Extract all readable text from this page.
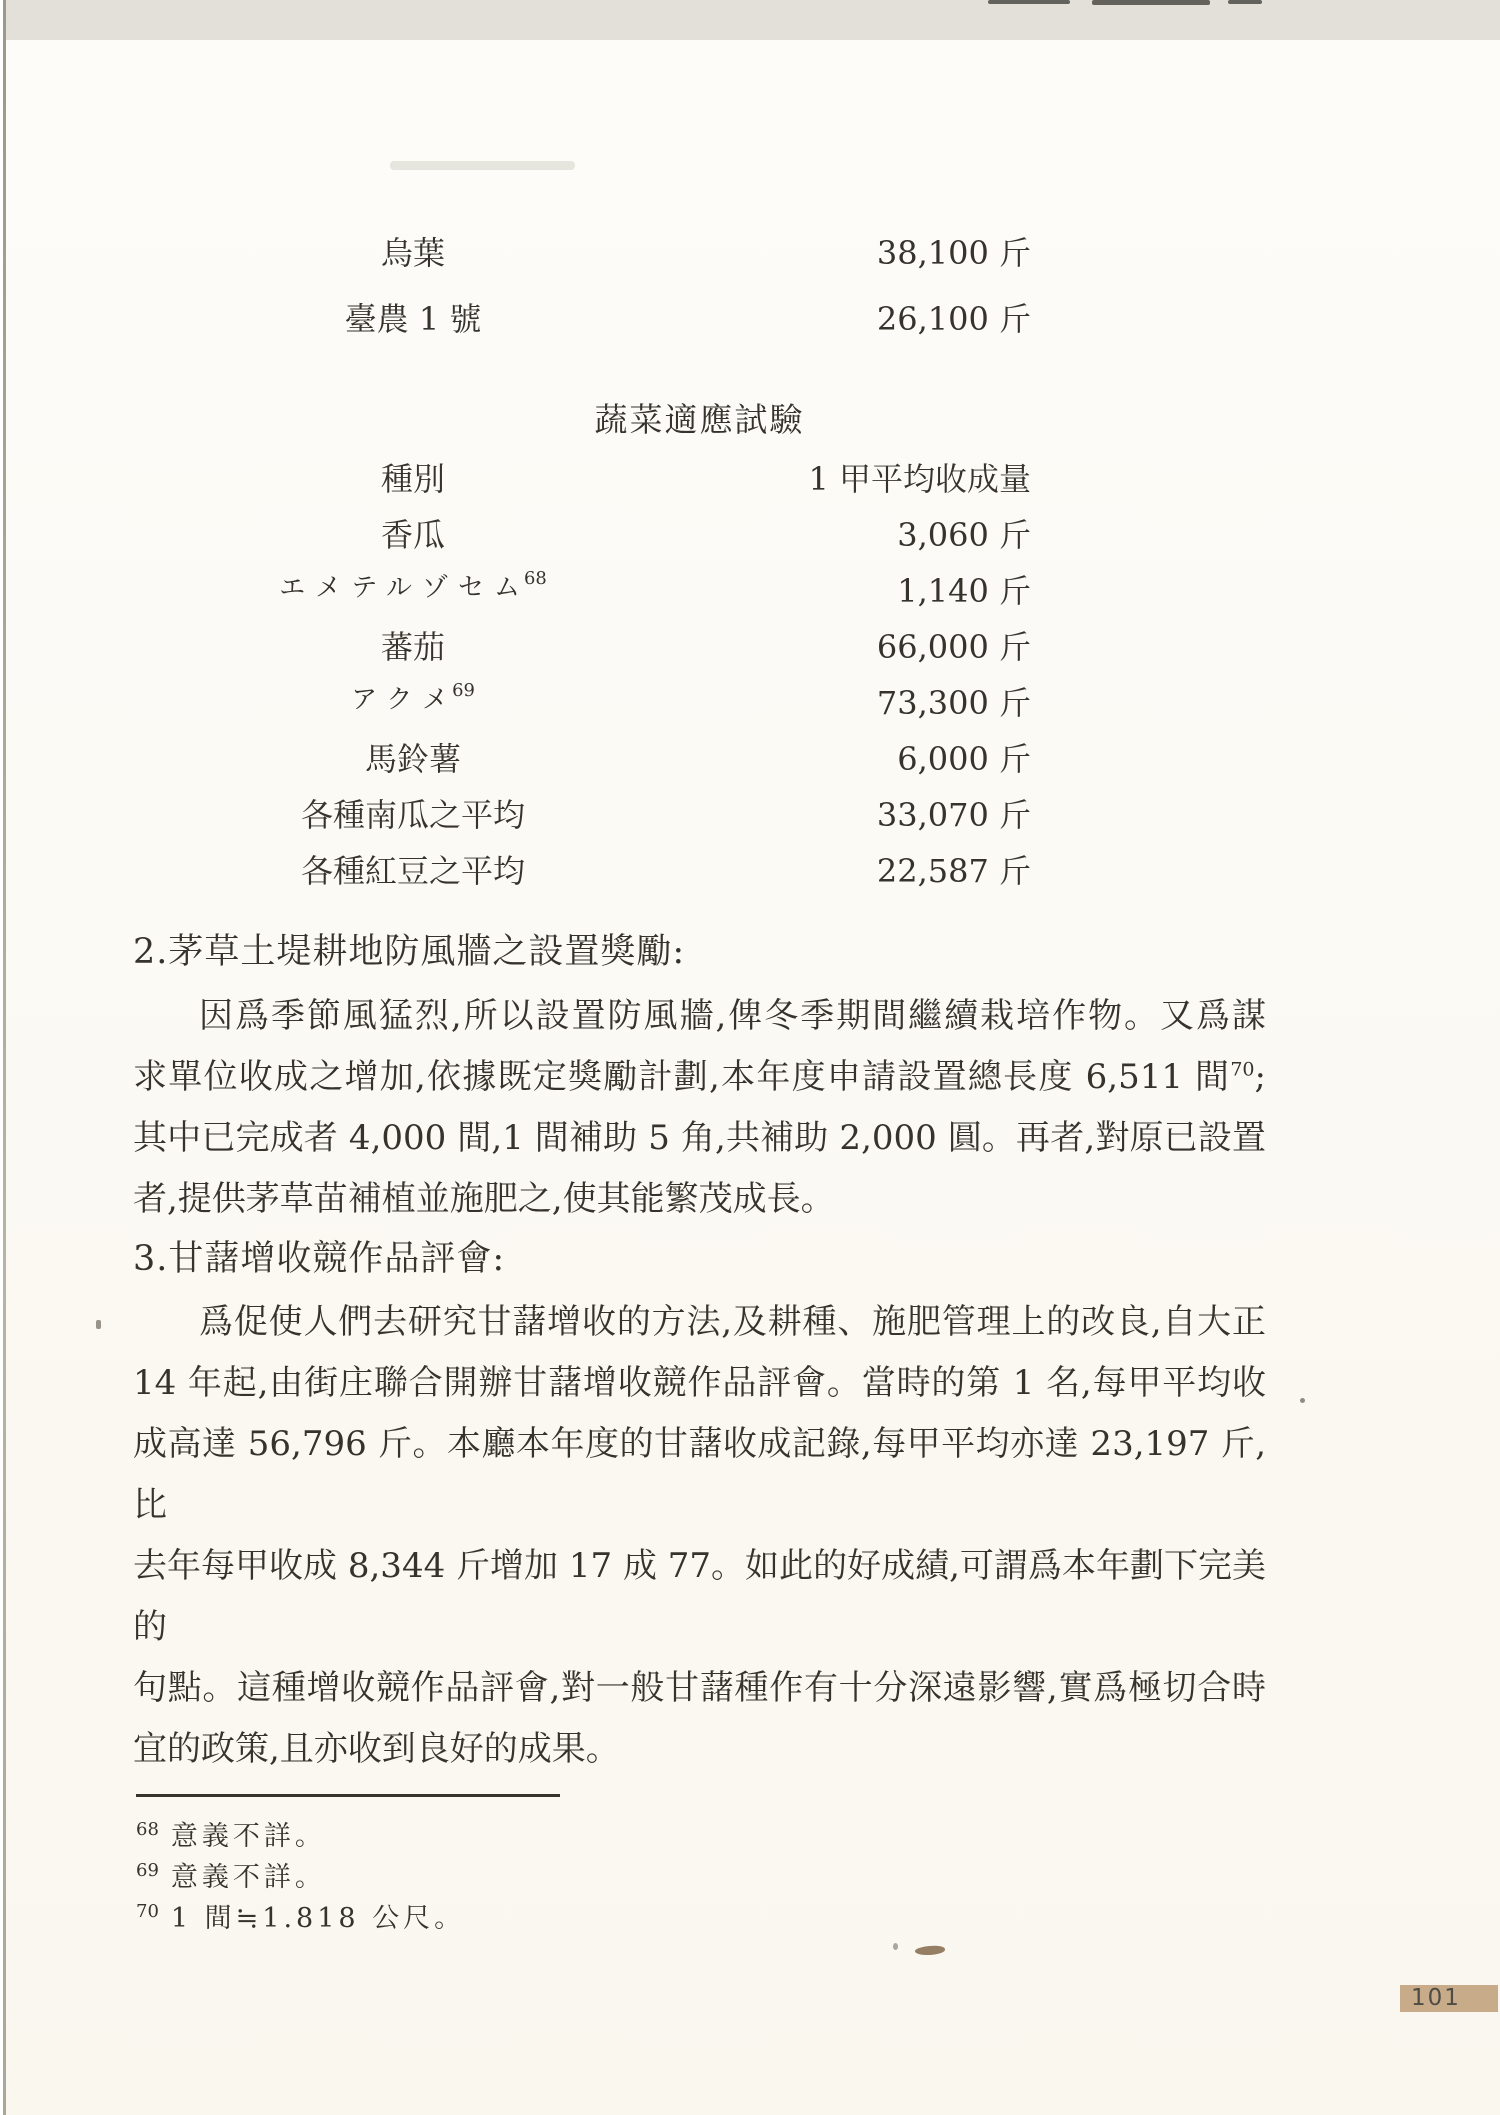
烏葉	38,100 斤
臺農 1 號	26,100 斤
蔬菜適應試驗
種別	1 甲平均收成量
香瓜	3,060 斤
エメテルゾセム$^{68}$	1,140 斤
蕃茄	66,000 斤
アクメ$^{69}$	73,300 斤
馬鈴薯	6,000 斤
各種南瓜之平均	33,070 斤
各種紅豆之平均	22,587 斤
2.茅草土堤耕地防風牆之設置獎勵:
因爲季節風猛烈,所以設置防風牆,俾冬季期間繼續栽培作物。又爲謀
求單位收成之增加,依據既定獎勵計劃,本年度申請設置總長度 6,511 間$^{70}$;
其中已完成者 4,000 間,1 間補助 5 角,共補助 2,000 圓。再者,對原已設置
者,提供茅草苗補植並施肥之,使其能繁茂成長。
3.甘藷增收競作品評會:
爲促使人們去研究甘藷增收的方法,及耕種、施肥管理上的改良,自大正
14 年起,由街庄聯合開辦甘藷增收競作品評會。當時的第 1 名,每甲平均收
成高達 56,796 斤。本廳本年度的甘藷收成記錄,每甲平均亦達 23,197 斤,比
去年每甲收成 8,344 斤增加 17 成 77。如此的好成績,可謂爲本年劃下完美的
句點。這種增收競作品評會,對一般甘藷種作有十分深遠影響,實爲極切合時
宜的政策,且亦收到良好的成果。
$^{68}$ 意義不詳。
$^{69}$ 意義不詳。
$^{70}$ 1 間≒1.818 公尺。
101
